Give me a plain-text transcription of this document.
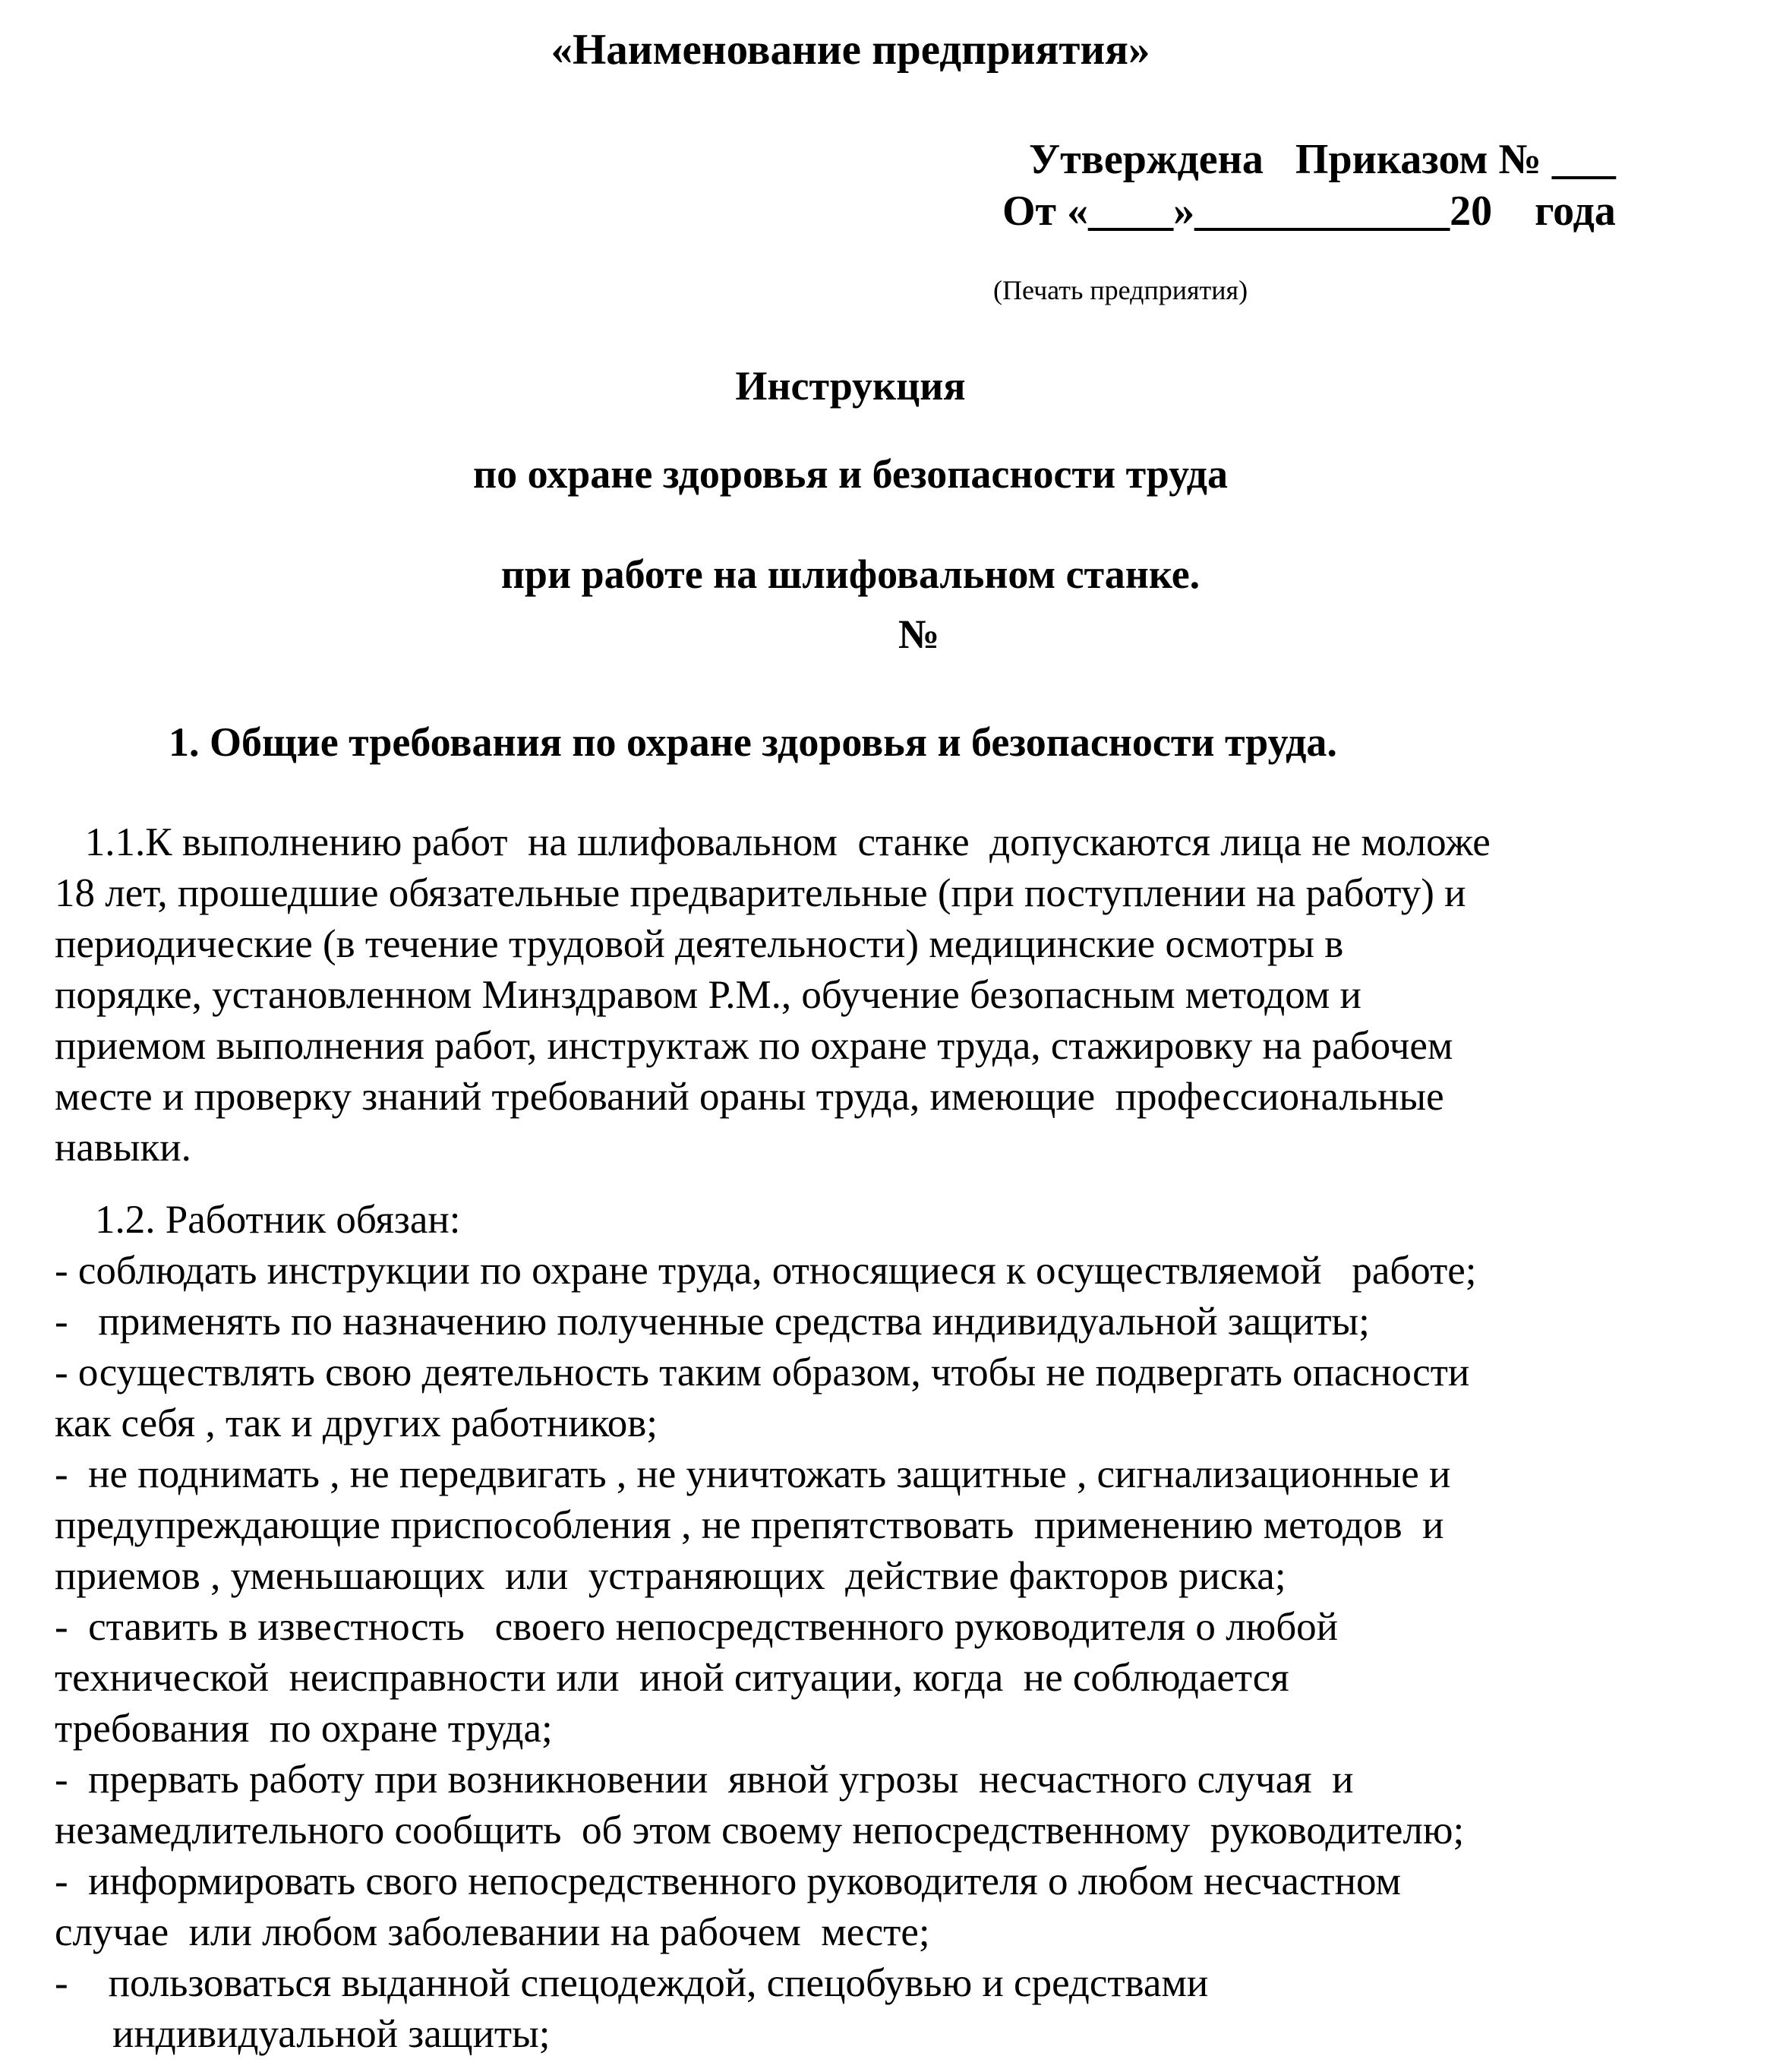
«Наименование предприятия»
Утверждена   Приказом № ___
От «____»____________20    года
(Печать предприятия)
Инструкция
по охране здоровья и безопасности труда
при работе на шлифовальном станке.
№
1. Общие требования по охране здоровья и безопасности труда.
1.1.К выполнению работ  на шлифовальном  станке  допускаются лица не моложе
18 лет, прошедшие обязательные предварительные (при поступлении на работу) и
периодические (в течение трудовой деятельности) медицинские осмотры в
порядке, установленном Минздравом Р.М., обучение безопасным методом и
приемом выполнения работ, инструктаж по охране труда, стажировку на рабочем
месте и проверку знаний требований ораны труда, имеющие  профессиональные
навыки.
1.2. Работник обязан:
- соблюдать инструкции по охране труда, относящиеся к осуществляемой   работе;
-   применять по назначению полученные средства индивидуальной защиты;
- осуществлять свою деятельность таким образом, чтобы не подвергать опасности
как себя , так и других работников;
-  не поднимать , не передвигать , не уничтожать защитные , сигнализационные и
предупреждающие приспособления , не препятствовать  применению методов  и
приемов , уменьшающих  или  устраняющих  действие факторов риска;
-  ставить в известность   своего непосредственного руководителя о любой
технической  неисправности или  иной ситуации, когда  не соблюдается
требования  по охране труда;
-  прервать работу при возникновении  явной угрозы  несчастного случая  и
незамедлительного сообщить  об этом своему непосредственному  руководителю;
-  информировать свого непосредственного руководителя о любом несчастном
случае  или любом заболевании на рабочем  месте;
-    пользоваться выданной спецодеждой, спецобувью и средствами
индивидуальной защиты;
